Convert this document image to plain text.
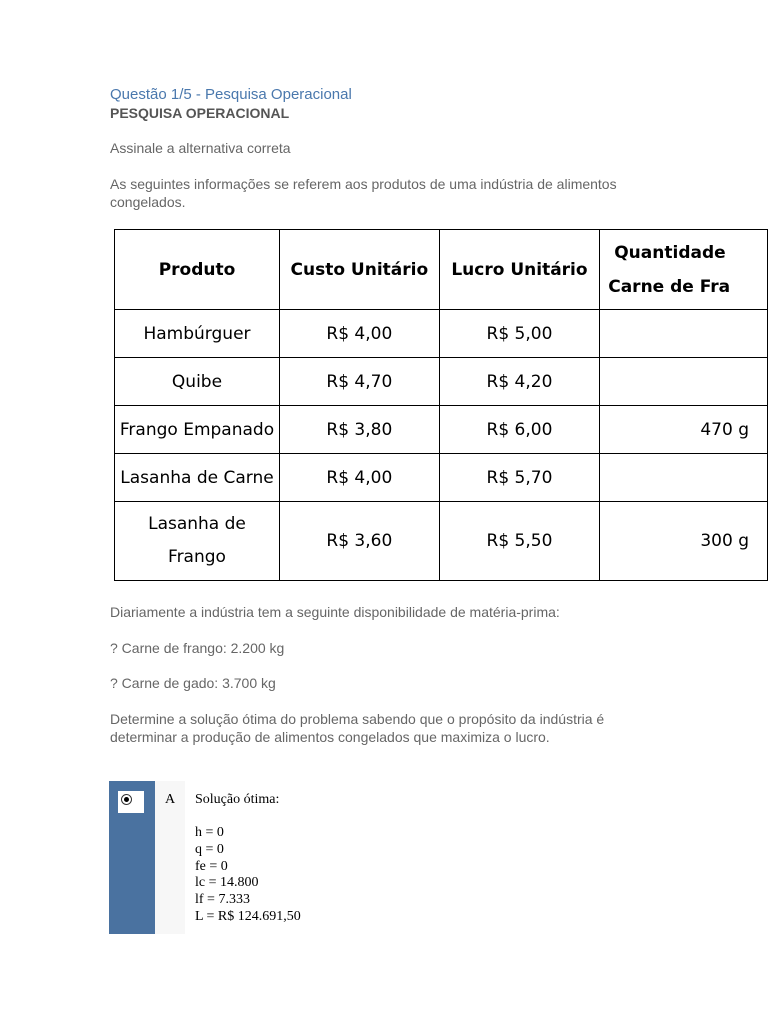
Questão 1/5 - Pesquisa Operacional
PESQUISA OPERACIONAL
Assinale a alternativa correta
As seguintes informações se referem aos produtos de uma indústria de alimentos congelados.
Produto	Custo Unitário	Lucro Unitário	Quantidade
Carne de Fra

Hambúrguer	R$ 4,00	R$ 5,00	
Quibe	R$ 4,70	R$ 4,20	
Frango Empanado	R$ 3,80	R$ 6,00	470 g
Lasanha de Carne	R$ 4,00	R$ 5,70	

Lasanha de
Frango	R$ 3,60	R$ 5,50	300 g
Diariamente a indústria tem a seguinte disponibilidade de matéria-prima:
? Carne de frango: 2.200 kg
? Carne de gado: 3.700 kg
Determine a solução ótima do problema sabendo que o propósito da indústria é determinar a produção de alimentos congelados que maximiza o lucro.
A Solução ótima:
h = 0
q = 0
fe = 0
lc = 14.800
lf = 7.333
L = R$ 124.691,50
